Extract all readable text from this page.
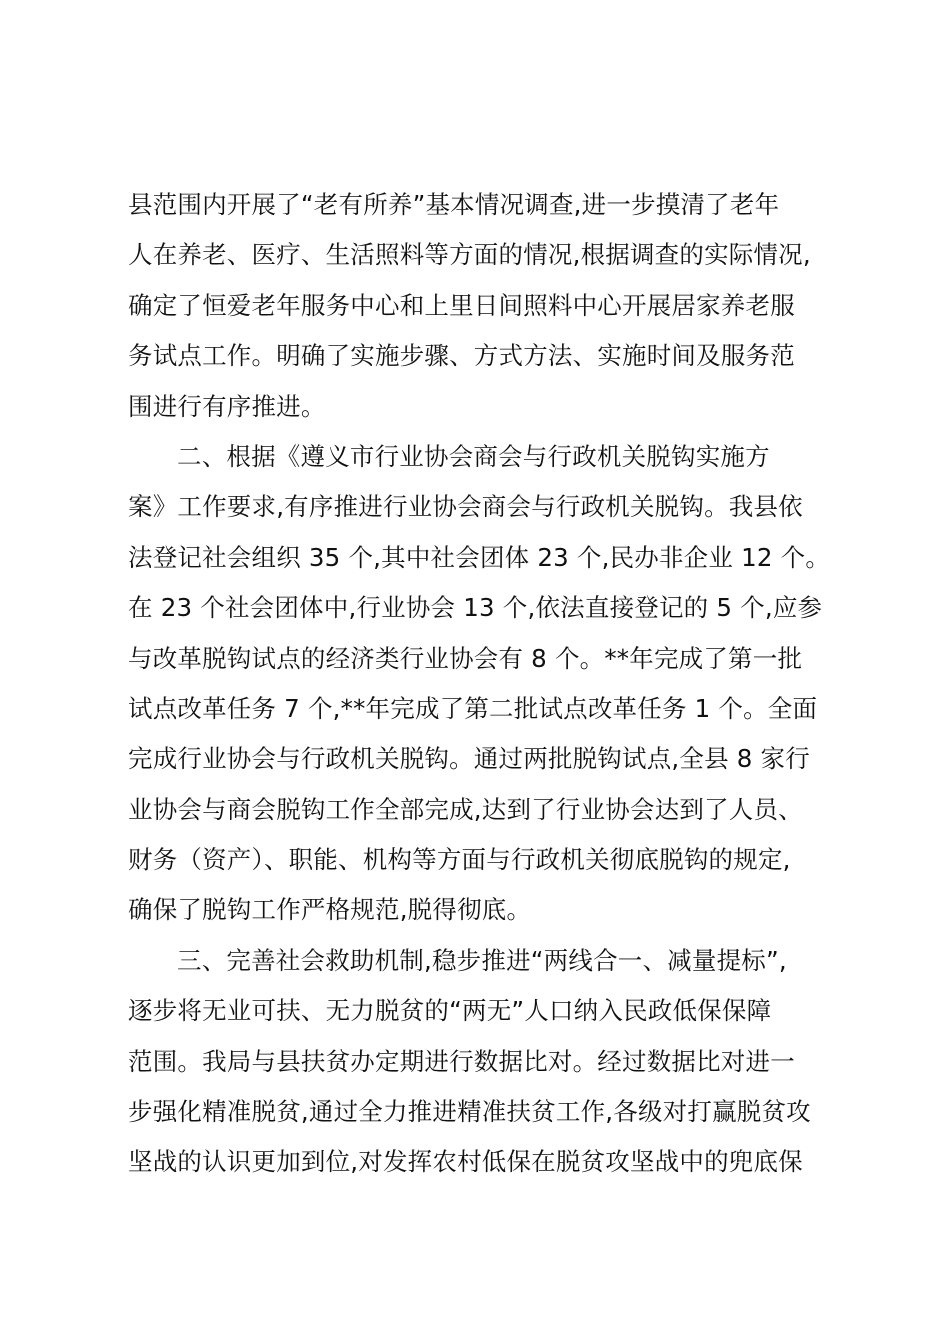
县范围内开展了“老有所养”基本情况调查,进一步摸清了老年
人在养老、医疗、生活照料等方面的情况,根据调查的实际情况,
确定了恒爱老年服务中心和上里日间照料中心开展居家养老服
务试点工作。明确了实施步骤、方式方法、实施时间及服务范
围进行有序推进。
二、根据《遵义市行业协会商会与行政机关脱钩实施方
案》工作要求,有序推进行业协会商会与行政机关脱钩。我县依
法登记社会组织 35 个,其中社会团体 23 个,民办非企业 12 个。
在 23 个社会团体中,行业协会 13 个,依法直接登记的 5 个,应参
与改革脱钩试点的经济类行业协会有 8 个。**年完成了第一批
试点改革任务 7 个,**年完成了第二批试点改革任务 1 个。全面
完成行业协会与行政机关脱钩。通过两批脱钩试点,全县 8 家行
业协会与商会脱钩工作全部完成,达到了行业协会达到了人员、
财务（资产）、职能、机构等方面与行政机关彻底脱钩的规定,
确保了脱钩工作严格规范,脱得彻底。
三、完善社会救助机制,稳步推进“两线合一、减量提标”,
逐步将无业可扶、无力脱贫的“两无”人口纳入民政低保保障
范围。我局与县扶贫办定期进行数据比对。经过数据比对进一
步强化精准脱贫,通过全力推进精准扶贫工作,各级对打赢脱贫攻
坚战的认识更加到位,对发挥农村低保在脱贫攻坚战中的兜底保
